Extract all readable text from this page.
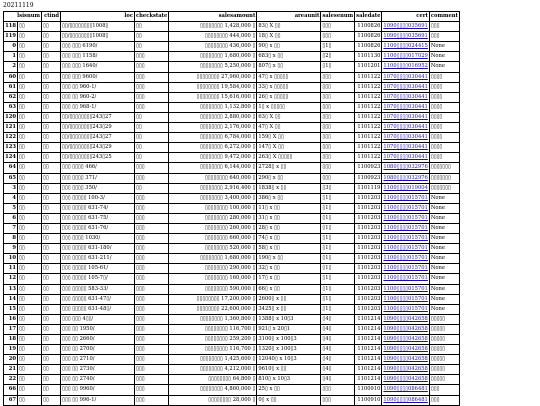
20211119
lsisnum		ctind	loc	checkstate	salesamount	areaunit	salesenum	saledate	cert	comment
118	▯▯	▯▯	▯▯/▯▯▯▯▯▯▯▯1008▯	▯▯	▯▯▯▯▯▯▯▯ 1,428,000 ▯	83▯ X ▯▯	▯▯▯	1100826	1090▯▯▯▯035691	▯▯▯
119	▯▯	▯▯	▯▯/▯▯▯▯▯▯▯▯1008▯	▯▯	▯▯▯▯▯▯▯▯ 444,000 ▯	18▯ X ▯▯	▯▯▯	1100826	1090▯▯▯▯035691	▯▯▯
0	▯▯	▯▯	▯▯▯ ▯▯▯ 6190/	▯▯	▯▯▯▯▯▯▯▯ 436,000 ▯	90▯ x ▯▯	▯1▯	1100826	1100▯▯▯▯024415	None
1	▯▯	▯▯	▯▯▯ ▯▯▯ 1158/	▯▯▯	▯▯▯▯▯▯▯▯ 1,680,000 ▯	683▯ x ▯▯	▯2▯	1101130	1100▯▯▯▯017029	None
2	▯▯	▯▯	▯▯▯ ▯▯▯ 1640/	▯▯▯	▯▯▯▯▯▯▯▯ 5,250,000 ▯	807▯ x ▯▯	▯1▯	1101201	1100▯▯▯▯016952	None
60	▯▯	▯▯	▯▯▯ ▯▯▯ 9600/	▯▯▯	▯▯▯▯▯▯▯▯ 27,960,000 ▯	47▯ x ▯▯▯▯▯	▯▯▯	1101122	1070▯▯▯▯030441	▯▯▯▯
61	▯▯	▯▯	▯▯▯ ▯▯ 960-1/	▯▯▯	▯▯▯▯▯▯▯▯ 19,584,000 ▯	33▯ x ▯▯▯▯▯	▯▯▯	1101122	1070▯▯▯▯030441	▯▯▯▯
62	▯▯	▯▯	▯▯▯ ▯▯ 960-2/	▯▯▯	▯▯▯▯▯▯▯▯ 15,616,000 ▯	26▯ x ▯▯▯▯▯	▯▯▯	1101122	1070▯▯▯▯030441	▯▯▯▯
63	▯▯	▯▯	▯▯▯ ▯▯ 968-1/	▯▯▯	▯▯▯▯▯▯▯▯ 1,132,800 ▯	1▯ x ▯▯▯▯▯	▯▯▯	1101122	1070▯▯▯▯030441	▯▯▯▯
120	▯▯	▯▯	▯▯/▯▯▯▯▯▯▯▯243▯27	▯▯	▯▯▯▯▯▯▯▯ 2,880,000 ▯	63▯ X ▯▯	▯▯▯	1101122	1070▯▯▯▯030441	▯▯▯▯
121	▯▯	▯▯	▯▯/▯▯▯▯▯▯▯▯243▯29	▯▯	▯▯▯▯▯▯▯▯ 2,176,000 ▯	47▯ X ▯▯	▯▯▯	1101122	1070▯▯▯▯030441	▯▯▯▯
122	▯▯	▯▯	▯▯/▯▯▯▯▯▯▯▯243▯27	▯▯	▯▯▯▯▯▯▯▯ 6,784,000 ▯	159▯ X ▯▯	▯▯▯	1101122	1070▯▯▯▯030441	▯▯▯▯
123	▯▯	▯▯	▯▯/▯▯▯▯▯▯▯▯243▯29	▯▯	▯▯▯▯▯▯▯▯ 6,272,000 ▯	147▯ X ▯▯	▯▯▯	1101122	1070▯▯▯▯030441	▯▯▯▯
124	▯▯	▯▯	▯▯/▯▯▯▯▯▯▯▯243▯25	▯▯	▯▯▯▯▯▯▯▯ 9,472,000 ▯	263▯ X ▯▯▯▯▯	▯▯▯	1101122	1070▯▯▯▯030441	▯▯▯▯
64	▯▯	▯▯	▯▯▯ ▯▯▯▯ 466/	▯▯▯	▯▯▯▯▯▯▯▯ 6,144,000 ▯	2728▯ x ▯▯	▯▯▯	1100923	1080▯▯▯▯032976	▯▯▯▯▯▯▯
65	▯▯	▯▯	▯▯▯ ▯▯▯▯ 371/	▯▯▯	▯▯▯▯▯▯▯▯ 640,000 ▯	290▯ x ▯▯	▯▯▯	1100923	1080▯▯▯▯032976	▯▯▯▯▯▯▯
3	▯▯	▯▯	▯▯▯ ▯▯▯▯ 350/	▯▯	▯▯▯▯▯▯▯▯ 2,916,400 ▯	1838▯ x ▯▯	▯3▯	1101119	1100▯▯▯▯019004	▯▯▯▯▯▯▯
4	▯▯	▯▯	▯▯▯ ▯▯▯▯▯ 100-3/	▯▯▯	▯▯▯▯▯▯▯▯ 3,400,000 ▯	386▯ x ▯▯	▯1▯	1101203	1100▯▯▯▯015701	None
5	▯▯	▯▯	▯▯▯ ▯▯▯▯▯ 631-74/	▯▯▯	▯▯▯▯▯▯▯▯ 100,000 ▯	11▯ x ▯▯	▯1▯	1101203	1100▯▯▯▯015701	None
6	▯▯	▯▯	▯▯▯ ▯▯▯▯▯ 631-75/	▯▯▯	▯▯▯▯▯▯▯▯ 280,000 ▯	31▯ x ▯▯	▯1▯	1101203	1100▯▯▯▯015701	None
7	▯▯	▯▯	▯▯▯ ▯▯▯▯▯ 631-76/	▯▯▯	▯▯▯▯▯▯▯▯ 260,000 ▯	28▯ x ▯▯	▯1▯	1101203	1100▯▯▯▯015701	None
8	▯▯	▯▯	▯▯▯ ▯▯▯▯ 1030/	▯▯▯	▯▯▯▯▯▯▯▯ 660,000 ▯	74▯ x ▯▯	▯1▯	1101203	1100▯▯▯▯015701	None
9	▯▯	▯▯	▯▯▯ ▯▯▯▯▯ 631-180/	▯▯▯	▯▯▯▯▯▯▯▯ 520,000 ▯	58▯ x ▯▯	▯1▯	1101203	1100▯▯▯▯015701	None
10	▯▯	▯▯	▯▯▯ ▯▯▯▯▯ 631-211/	▯▯▯	▯▯▯▯▯▯▯▯ 1,680,000 ▯	190▯ x ▯▯	▯1▯	1101203	1100▯▯▯▯015701	None
11	▯▯	▯▯	▯▯▯ ▯▯▯▯▯ 105-61/	▯▯▯	▯▯▯▯▯▯▯▯ 290,000 ▯	32▯ x ▯▯	▯1▯	1101203	1100▯▯▯▯015701	None
12	▯▯	▯▯	▯▯▯ ▯▯▯▯▯ 105-7▯/	▯▯▯	▯▯▯▯▯▯▯▯ 160,000 ▯	17▯ x ▯▯	▯1▯	1101203	1100▯▯▯▯015701	None
13	▯▯	▯▯	▯▯▯ ▯▯▯▯▯ 583-33/	▯▯▯	▯▯▯▯▯▯▯▯ 590,000 ▯	66▯ x ▯▯	▯1▯	1101203	1100▯▯▯▯015701	None
14	▯▯	▯▯	▯▯▯ ▯▯▯▯▯ 631-47▯/	▯▯▯	▯▯▯▯▯▯▯▯ 17,200,000 ▯	2600▯ x ▯▯	▯1▯	1101203	1100▯▯▯▯015701	None
15	▯▯	▯▯	▯▯▯ ▯▯▯▯▯ 631-48▯/	▯▯▯	▯▯▯▯▯▯▯▯ 22,600,000 ▯	3425▯ x ▯▯	▯1▯	1101203	1100▯▯▯▯015701	None
16	▯▯	▯▯	▯▯▯ ▯▯▯ 4▯▯/	▯▯▯	▯▯▯▯▯▯▯▯ 1,360,800 ▯	1388▯ x 10▯3	▯4▯	1101214	1090▯▯▯▯042658	▯▯▯▯▯
17	▯▯	▯▯	▯▯▯ ▯▯ 1950/	▯▯▯	▯▯▯▯▯▯▯▯ 116,700 ▯	921▯ x 20▯1	▯4▯	1101214	1090▯▯▯▯042658	▯▯▯▯▯
18	▯▯	▯▯	▯▯▯ ▯▯ 2660/	▯▯▯	▯▯▯▯▯▯▯▯ 259,200 ▯	3100▯ x 100▯3	▯4▯	1101214	1090▯▯▯▯042658	▯▯▯▯▯
19	▯▯	▯▯	▯▯▯ ▯▯ 2700/	▯▯▯	▯▯▯▯▯▯▯▯ 116,700 ▯	1320▯ x 100▯3	▯4▯	1101214	1090▯▯▯▯042658	▯▯▯▯▯
20	▯▯	▯▯	▯▯▯ ▯▯ 2710/	▯▯▯	▯▯▯▯▯▯▯▯ 1,425,600 ▯	12040▯ x 10▯3	▯4▯	1101214	1090▯▯▯▯042658	▯▯▯▯▯
21	▯▯	▯▯	▯▯▯ ▯▯ 2730/	▯▯▯	▯▯▯▯▯▯▯▯ 4,212,000 ▯	9610▯ x ▯▯	▯4▯	1101214	1090▯▯▯▯042658	▯▯▯▯▯
22	▯▯	▯▯	▯▯▯ ▯▯ 2740/	▯▯▯	▯▯▯▯▯▯▯▯ 64,800 ▯	810▯ x 10▯3	▯4▯	1101214	1090▯▯▯▯042658	▯▯▯▯▯
66	▯▯	▯▯	▯▯▯ ▯▯ 9960/	▯▯▯	▯▯▯▯▯▯▯▯ 4,860,000 ▯	25▯ x ▯▯	▯▯▯	1100910	1090▯▯▯▯086481	▯▯▯
67	▯▯	▯▯	▯▯▯ ▯▯ 996-1/	▯▯▯	▯▯▯▯▯▯▯▯ 28,000 ▯	0▯ x ▯▯	▯▯▯	1100910	1090▯▯▯▯086481	▯▯▯
